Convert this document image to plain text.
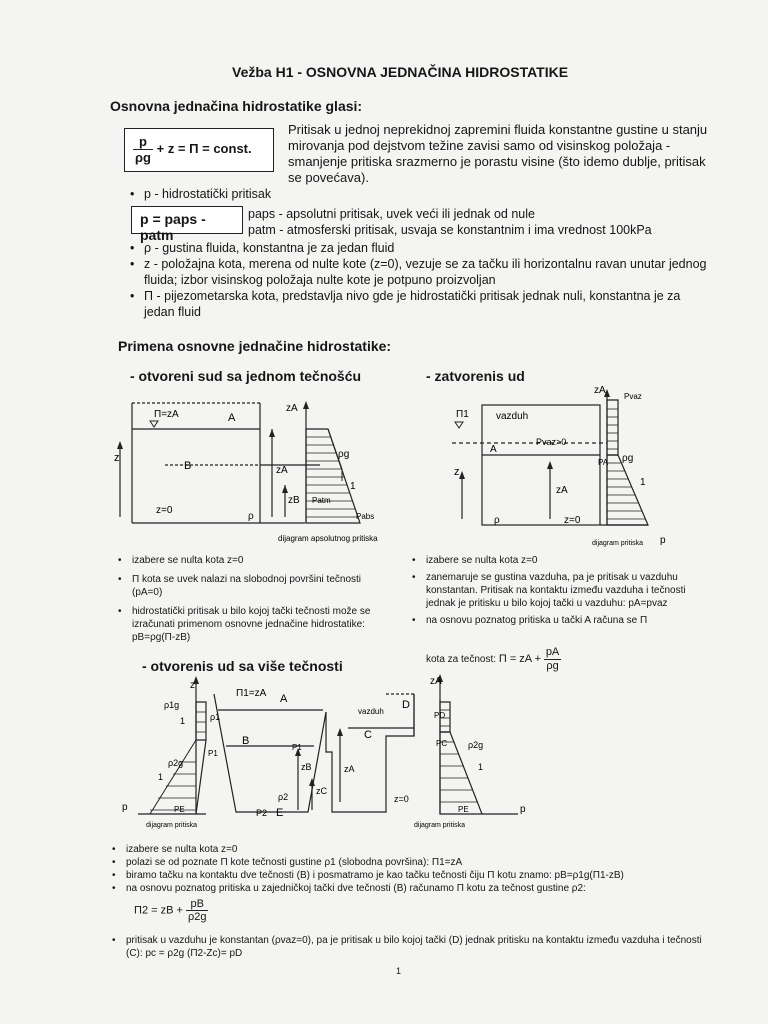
Vežba H1 - OSNOVNA JEDNAČINA HIDROSTATIKE
Osnovna jednačina hidrostatike glasi:
$\frac{p}{\rho g} + z = \Pi$ = const.
Pritisak u jednoj neprekidnoj zapremini fluida konstantne gustine u stanju mirovanja pod dejstvom težine zavisi samo od visinskog položaja - smanjenje pritiska srazmerno je porastu visine (što idemo dublje, pritisak se povećava).
• p - hidrostatički pritisak
p = paps - patm
paps - apsolutni pritisak, uvek veći ili jednak od nule
patm - atmosferski pritisak, usvaja se konstantnim i ima vrednost 100kPa
• ρ - gustina fluida, konstantna je za jedan fluid
• z - položajna kota, merena od nulte kote (z=0), vezuje se za tačku ili horizontalnu ravan unutar jednog fluida; izbor visinskog položaja nulte kote je potpuno proizvoljan
• Π - pijezometarska kota, predstavlja nivo gde je hidrostatički pritisak jednak nuli, konstantna je za jedan fluid
Primena osnovne jednačine hidrostatike:
- otvoreni sud sa jednom tečnošću	- zatvorenis ud
Π=zA	A
B
z
zA
zA
zB
z=0
ρ
ρg
1
Patm
Pabs
dijagram apsolutnog pritiska
Π1	vazduh
Pvaz
Pvaz>0
A
z
zA
zA
ρ	z=0
PA ρg
1
p
dijagram pritiska
• izabere se nulta kota z=0
• Π kota se uvek nalazi na slobodnoj površini tečnosti (pA=0)
• hidrostatički pritisak u bilo kojoj tački tečnosti može se izračunati primenom osnovne jednačine hidrostatike: pB=ρg(Π-zB)
• izabere se nulta kota z=0
• zanemaruje se gustina vazduha, pa je pritisak u vazduhu konstantan. Pritisak na kontaktu između vazduha i tečnosti jednak je pritisku u bilo kojoj tački u vazduhu: pA=pvaz
• na osnovu poznatog pritiska u tački A računa se Π
kota za tečnost: Π = zA + $\frac{pA}{\rho g}$
- otvorenis ud sa više tečnosti
z	zA
Π1=zA A
ρ1g
1
ρ2g
1
ρ1
B
P1
P1
ρ2
P2 E
zB
zC
zA
vazduh
D
C
z=0
PD
PC ρ2g
1
p	p
PE	PE
dijagram pritiska	dijagram pritiska
• izabere se nulta kota z=0
• polazi se od poznate Π kote tečnosti gustine ρ1 (slobodna površina): Π1=zA
• biramo tačku na kontaktu dve tečnosti (B) i posmatramo je kao tačku tečnosti čiju Π kotu znamo: pB=ρ1g(Π1-zB)
• na osnovu poznatog pritiska u zajedničkoj tački dve tečnosti (B) računamo Π kotu za tečnost gustine ρ2:
Π2 = zB + $\frac{pB}{\rho 2g}$
• pritisak u vazduhu je konstantan (ρvaz=0), pa je pritisak u bilo kojoj tački (D) jednak pritisku na kontaktu između vazduha i tečnosti (C): pc = ρ2g (Π2-Zc)= pD
1
